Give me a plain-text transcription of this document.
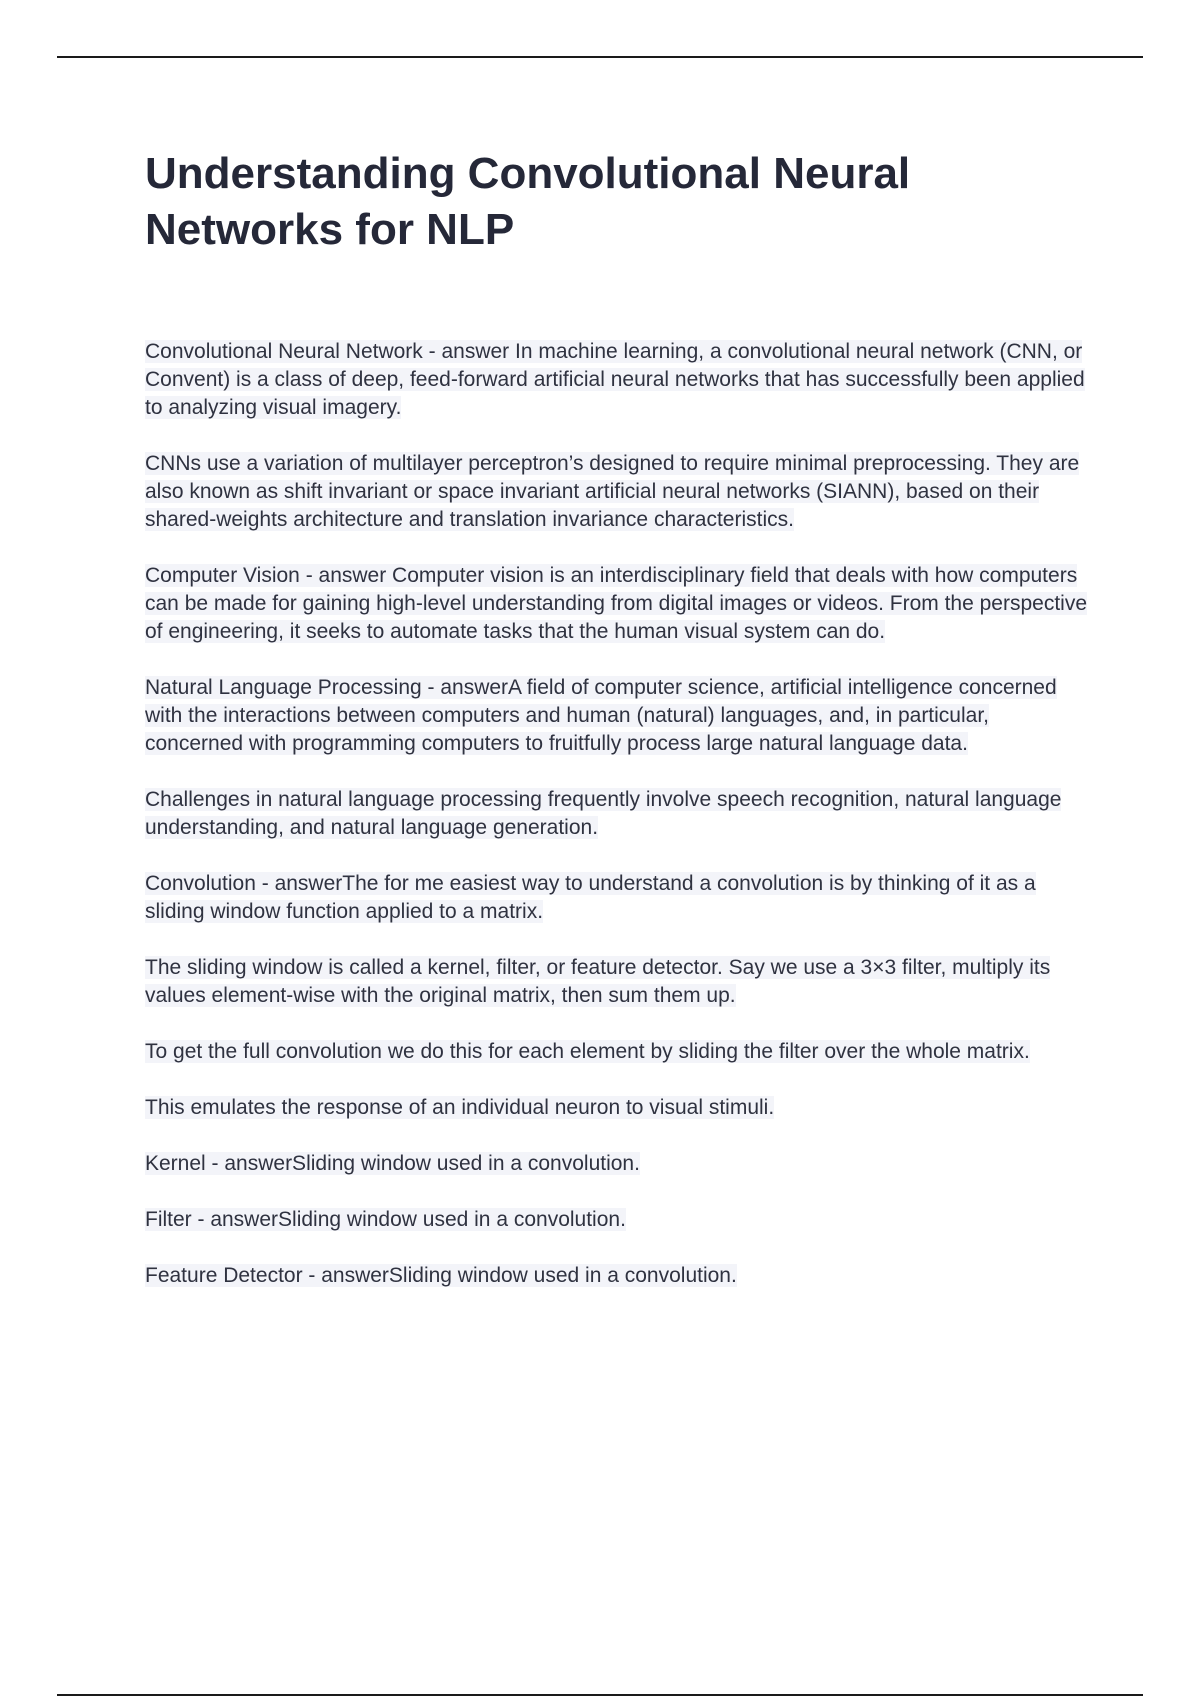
Understanding Convolutional Neural Networks for NLP

Convolutional Neural Network - answer In machine learning, a convolutional neural network (CNN, or Convent) is a class of deep, feed-forward artificial neural networks that has successfully been applied to analyzing visual imagery.

CNNs use a variation of multilayer perceptron’s designed to require minimal preprocessing. They are also known as shift invariant or space invariant artificial neural networks (SIANN), based on their shared-weights architecture and translation invariance characteristics.

Computer Vision - answer Computer vision is an interdisciplinary field that deals with how computers can be made for gaining high-level understanding from digital images or videos. From the perspective of engineering, it seeks to automate tasks that the human visual system can do.

Natural Language Processing - answerA field of computer science, artificial intelligence concerned with the interactions between computers and human (natural) languages, and, in particular, concerned with programming computers to fruitfully process large natural language data.

Challenges in natural language processing frequently involve speech recognition, natural language understanding, and natural language generation.

Convolution - answerThe for me easiest way to understand a convolution is by thinking of it as a sliding window function applied to a matrix.

The sliding window is called a kernel, filter, or feature detector. Say we use a 3×3 filter, multiply its values element-wise with the original matrix, then sum them up.

To get the full convolution we do this for each element by sliding the filter over the whole matrix.

This emulates the response of an individual neuron to visual stimuli.

Kernel - answerSliding window used in a convolution.

Filter - answerSliding window used in a convolution.

Feature Detector - answerSliding window used in a convolution.
